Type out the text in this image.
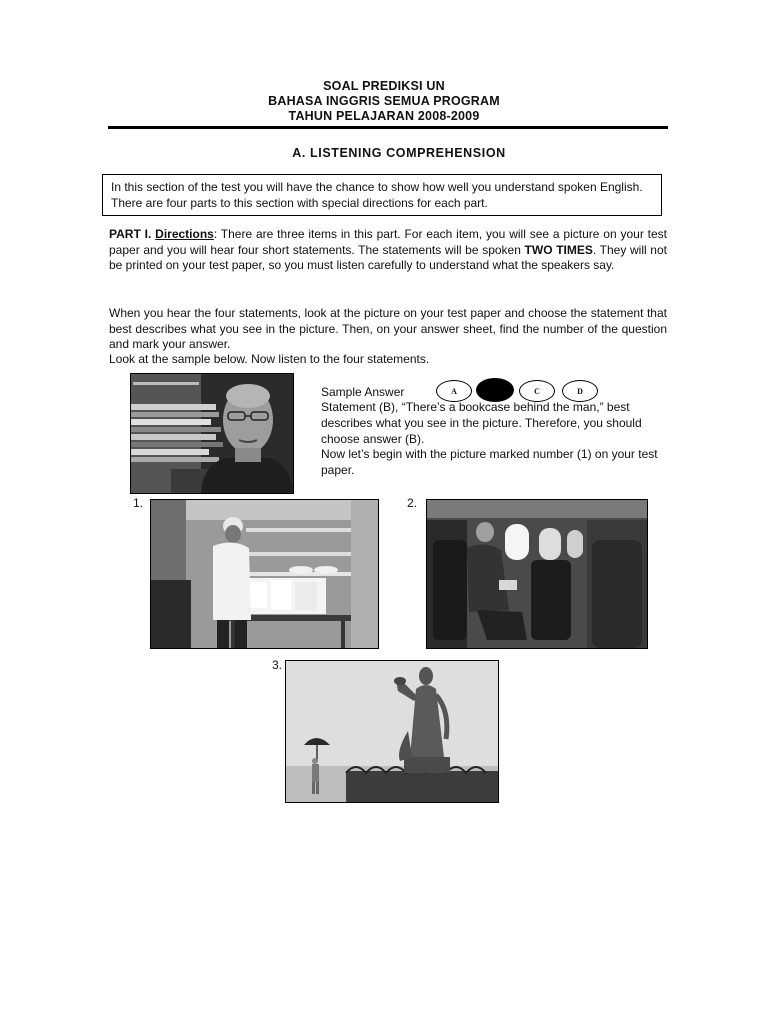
SOAL PREDIKSI UN
BAHASA INGGRIS SEMUA PROGRAM
TAHUN PELAJARAN 2008-2009
A. LISTENING COMPREHENSION

In this section of the test you will have the chance to show how well you understand spoken English. There are four parts to this section with special directions for each part.

PART I. Directions: There are three items in this part. For each item, you will see a picture on your test paper and you will hear four short statements. The statements will be spoken TWO TIMES. They will not be printed on your test paper, so you must listen carefully to understand what the speakers say.

When you hear the four statements, look at the picture on your test paper and choose the statement that best describes what you see in the picture. Then, on your answer sheet, find the number of the question and mark your answer.

Look at the sample below. Now listen to the four statements.

Sample Answer	A	C	D

Statement (B), “There’s a bookcase behind the man,” best describes what you see in the picture. Therefore, you should choose answer (B).

Now let’s begin with the picture marked number (1) on your test paper.

1.	2.
3.
